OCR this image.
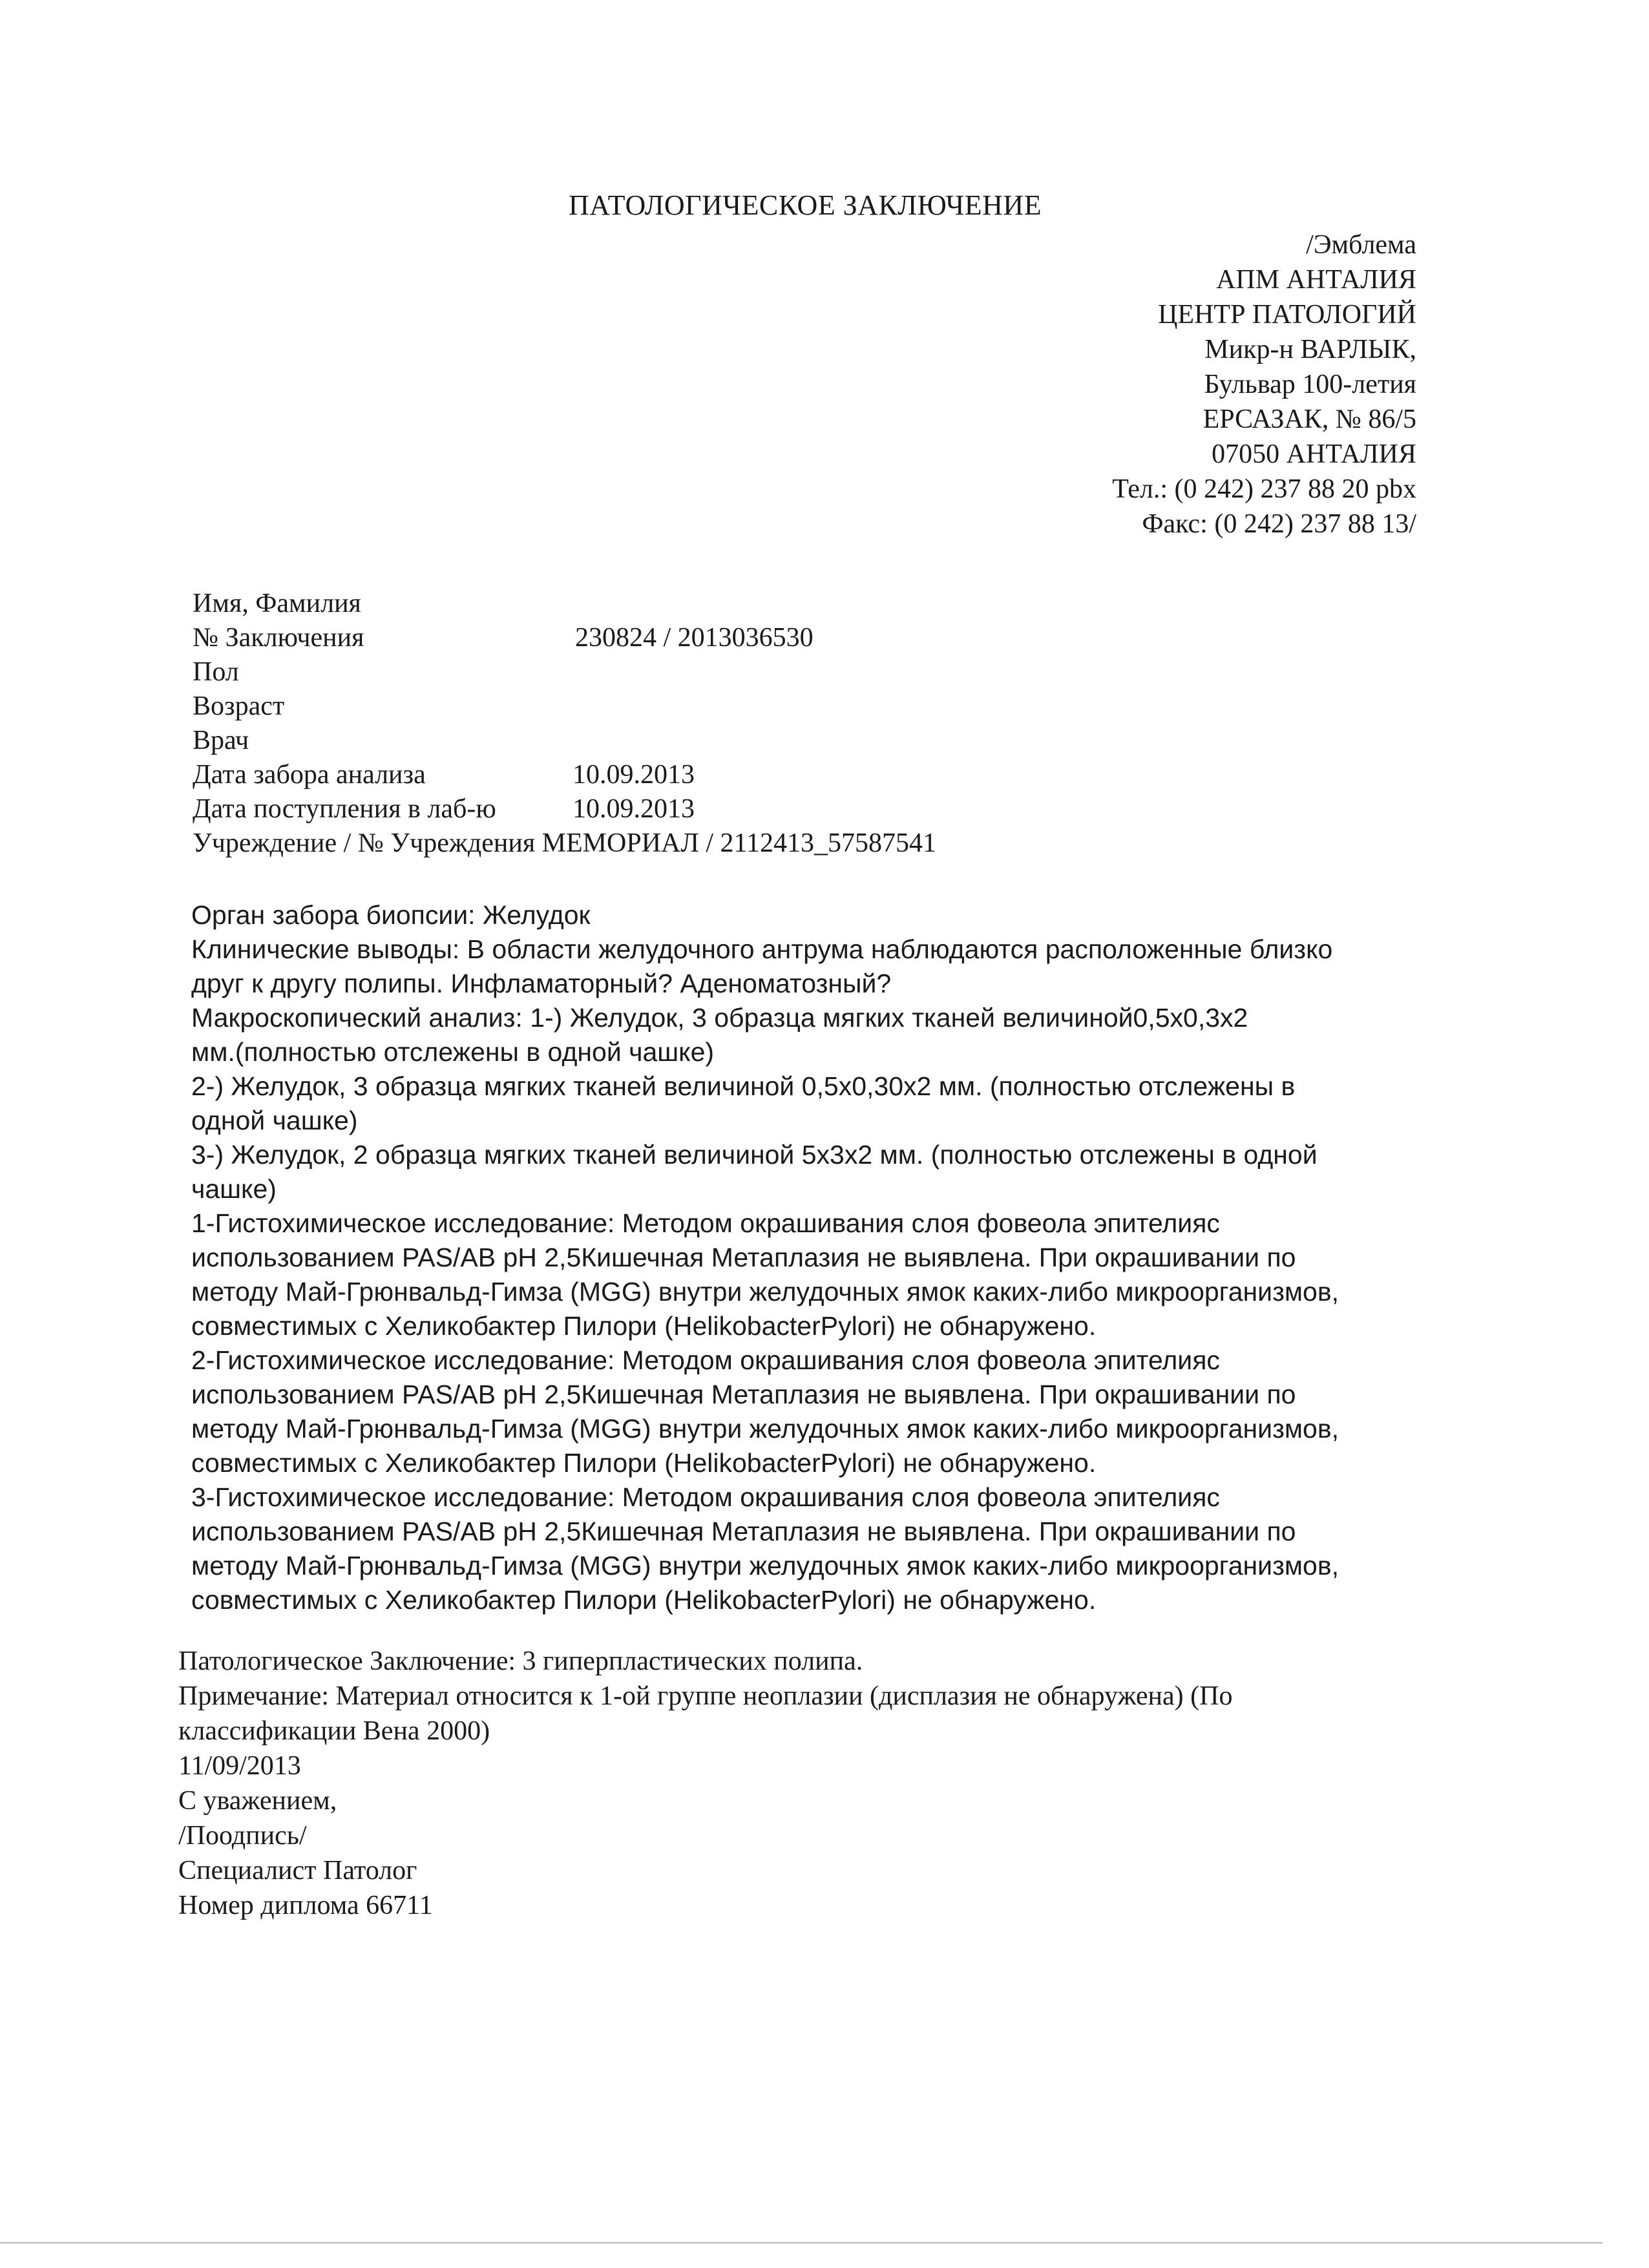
ПАТОЛОГИЧЕСКОЕ ЗАКЛЮЧЕНИЕ
/Эмблема
АПМ АНТАЛИЯ
ЦЕНТР ПАТОЛОГИЙ
Микр-н ВАРЛЫК,
Бульвар 100-летия
ЕРСАЗАК, № 86/5
07050 АНТАЛИЯ
Тел.: (0 242) 237 88 20 pbx
Факс: (0 242) 237 88 13/
Имя, Фамилия
№ Заключения	230824 / 2013036530
Пол
Возраст
Врач
Дата забора анализа	10.09.2013
Дата поступления в лаб-ю	10.09.2013
Учреждение / № Учреждения МЕМОРИАЛ / 2112413_57587541
Орган забора биопсии: Желудок
Клинические выводы: В области желудочного антрума наблюдаются расположенные близко
друг к другу полипы. Инфламаторный? Аденоматозный?
Макроскопический анализ: 1-) Желудок, 3 образца мягких тканей величиной0,5х0,3х2
мм.(полностью отслежены в одной чашке)
2-) Желудок, 3 образца мягких тканей величиной 0,5х0,30х2 мм. (полностью отслежены в
одной чашке)
3-) Желудок, 2 образца мягких тканей величиной 5х3х2 мм. (полностью отслежены в одной
чашке)
1-Гистохимическое исследование: Методом окрашивания слоя фовеола эпителияс
использованием PAS/AB pH 2,5Кишечная Метаплазия не выявлена. При окрашивании по
методу Май-Грюнвальд-Гимза (MGG) внутри желудочных ямок каких-либо микроорганизмов,
совместимых с Хеликобактер Пилори (HelikobacterPylori) не обнаружено.
2-Гистохимическое исследование: Методом окрашивания слоя фовеола эпителияс
использованием PAS/AB pH 2,5Кишечная Метаплазия не выявлена. При окрашивании по
методу Май-Грюнвальд-Гимза (MGG) внутри желудочных ямок каких-либо микроорганизмов,
совместимых с Хеликобактер Пилори (HelikobacterPylori) не обнаружено.
3-Гистохимическое исследование: Методом окрашивания слоя фовеола эпителияс
использованием PAS/AB pH 2,5Кишечная Метаплазия не выявлена. При окрашивании по
методу Май-Грюнвальд-Гимза (MGG) внутри желудочных ямок каких-либо микроорганизмов,
совместимых с Хеликобактер Пилори (HelikobacterPylori) не обнаружено.
Патологическое Заключение: 3 гиперпластических полипа.
Примечание: Материал относится к 1-ой группе неоплазии (дисплазия не обнаружена) (По
классификации Вена 2000)
11/09/2013
С уважением,
/Поодпись/
Специалист Патолог
Номер диплома 66711
